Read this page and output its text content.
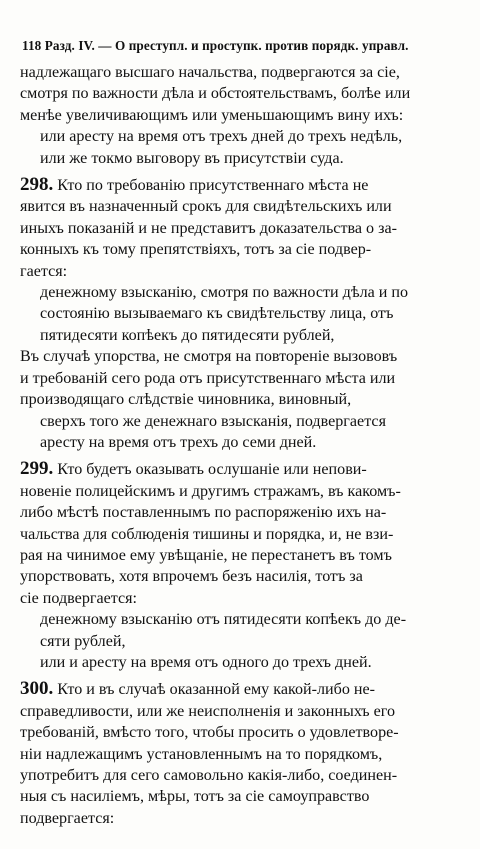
118 Разд. IV. — О преступл. и проступк. против порядк. управл.
надлежащаго высшаго начальства, подвергаются за сіе,
смотря по важности дѣла и обстоятельствамъ, болѣе или
менѣе увеличивающимъ или уменьшающимъ вину ихъ:
или аресту на время отъ трехъ дней до трехъ недѣль,
или же токмо выговору въ присутствіи суда.
298. Кто по требованію присутственнаго мѣста не
явится въ назначенный срокъ для свидѣтельскихъ или
иныхъ показаній и не представитъ доказательства о за-
конныхъ къ тому препятствіяхъ, тотъ за сіе подвер-
гается:
денежному взысканію, смотря по важности дѣла и по
состоянію вызываемаго къ свидѣтельству лица, отъ
пятидесяти копѣекъ до пятидесяти рублей,
Въ случаѣ упорства, не смотря на повтореніе вызововъ
и требованій сего рода отъ присутственнаго мѣста или
производящаго слѣдствіе чиновника, виновный,
сверхъ того же денежнаго взысканія, подвергается
аресту на время отъ трехъ до семи дней.
299. Кто будетъ оказывать ослушаніе или непови-
новеніе полицейскимъ и другимъ стражамъ, въ какомъ-
либо мѣстѣ поставленнымъ по распоряженію ихъ на-
чальства для соблюденія тишины и порядка, и, не взи-
рая на чинимое ему увѣщаніе, не перестанетъ въ томъ
упорствовать, хотя впрочемъ безъ насилія, тотъ за
сіе подвергается:
денежному взысканію отъ пятидесяти копѣекъ до де-
сяти рублей,
или и аресту на время отъ одного до трехъ дней.
300. Кто и въ случаѣ оказанной ему какой-либо не-
справедливости, или же неисполненія и законныхъ его
требованій, вмѣсто того, чтобы просить о удовлетворе-
ніи надлежащимъ установленнымъ на то порядкомъ,
употребитъ для сего самовольно какія-либо, соединен-
ныя съ насиліемъ, мѣры, тотъ за сіе самоуправство
подвергается:
